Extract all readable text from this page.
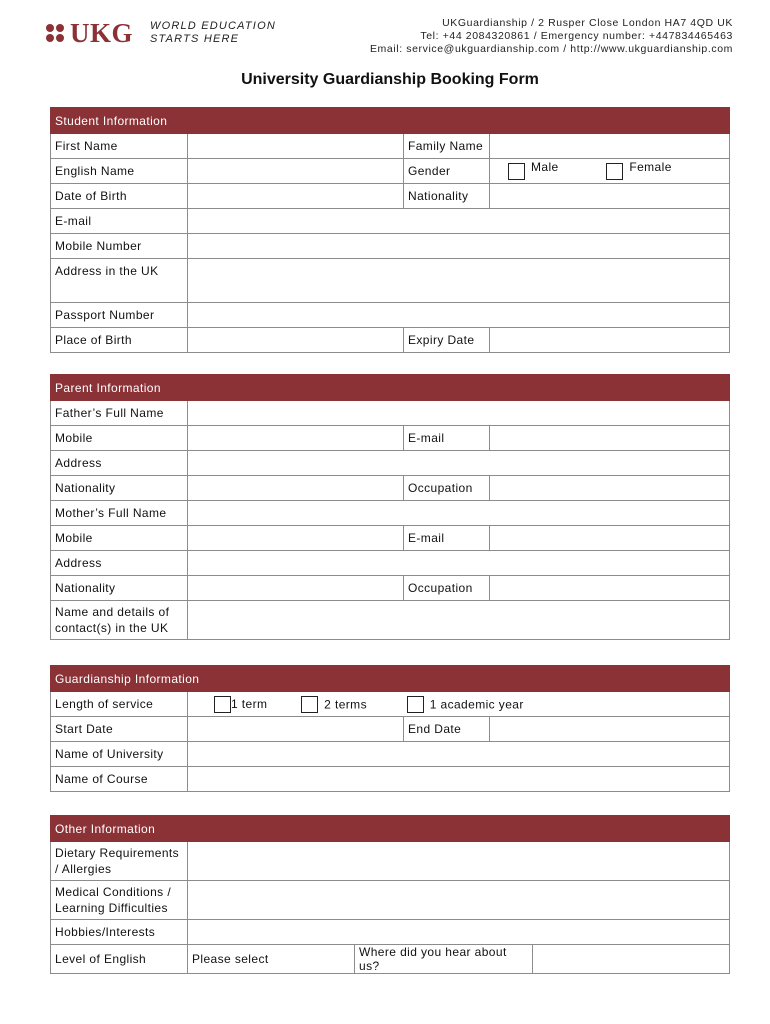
UKG WORLD EDUCATION
STARTS HERE
UKGuardianship / 2 Rusper Close London HA7 4QD UK
Tel: +44 2084320861 / Emergency number: +447834465463
Email: service@ukguardianship.com / http://www.ukguardianship.com
University Guardianship Booking Form
Student Information			
First Name		Family Name	
English Name		Gender	Male Female
Date of Birth		Nationality	
E-mail			
Mobile Number			
Address in the UK			
Passport Number			
Place of Birth		Expiry Date	
Parent Information			
Father’s Full Name			
Mobile		E-mail	
Address			
Nationality		Occupation	
Mother’s Full Name			
Mobile		E-mail	
Address			
Nationality		Occupation	

Name and details of
contact(s) in the UK			

Guardianship Information			
Length of service	1 term 2 terms 1 academic year		
Start Date		End Date	
Name of University			
Name of Course			
Other Information			

Dietary Requirements
/ Allergies			

Medical Conditions /
Learning Difficulties			

Hobbies/Interests			
Level of English	Please select	Where did you hear about us?	
